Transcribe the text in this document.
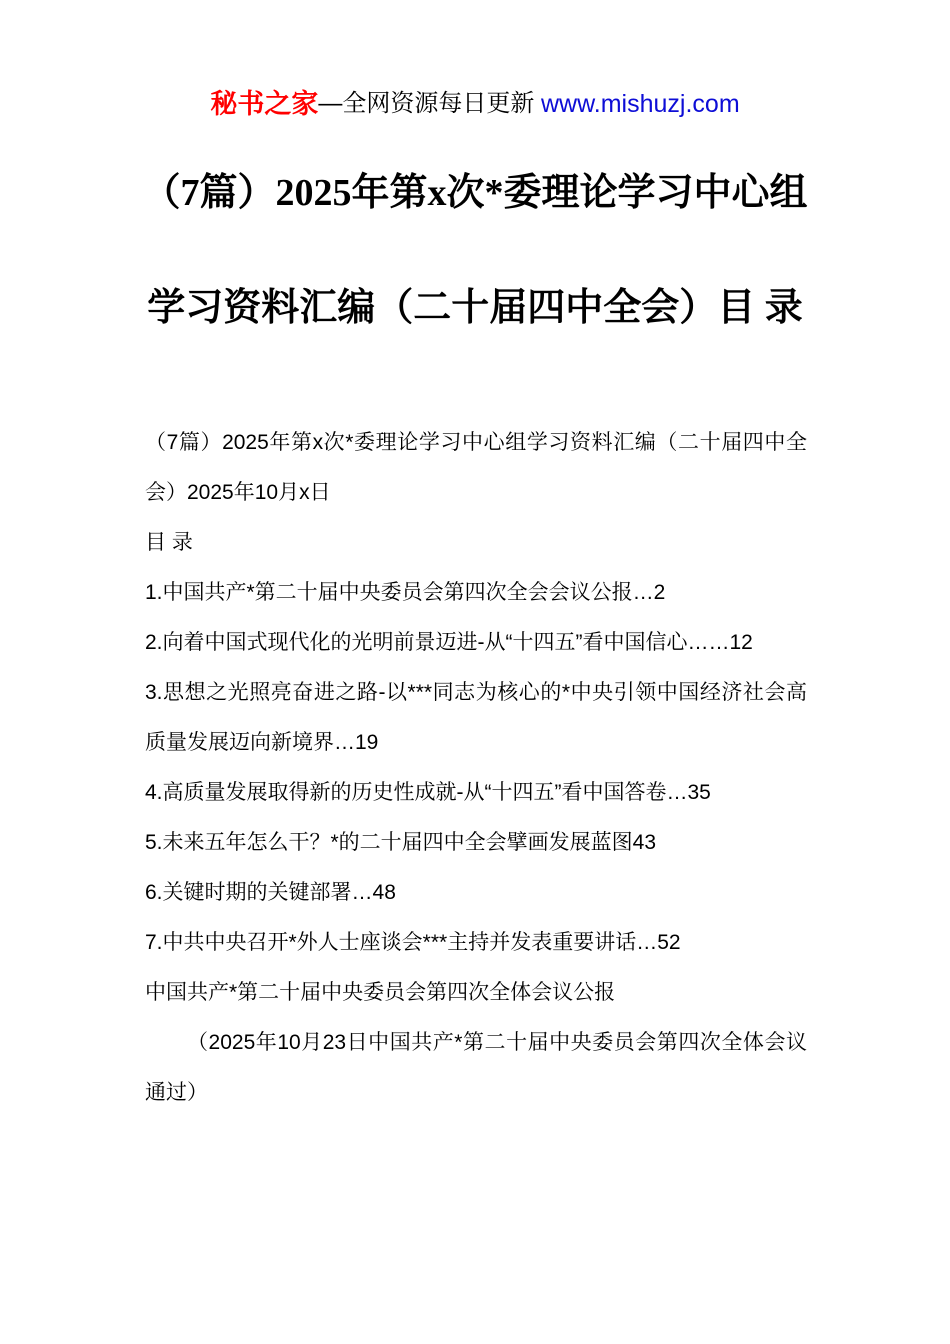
秘书之家 —全网资源每日更新 www.mishuzj.com
（7篇）2025年第x次*委理论学习中心组
学习资料汇编（二十届四中全会）目 录

（7篇）2025年第x次*委理论学习中心组学习资料汇编（二十届四中全会）2025年10月x日

目 录

1.中国共产*第二十届中央委员会第四次全会会议公报…2

2.向着中国式现代化的光明前景迈进-从“十四五”看中国信心……12

3.思想之光照亮奋进之路-以***同志为核心的*中央引领中国经济社会高质量发展迈向新境界…19

4.高质量发展取得新的历史性成就-从“十四五”看中国答卷…35

5.未来五年怎么干？*的二十届四中全会擘画发展蓝图43

6.关键时期的关键部署…48

7.中共中央召开*外人士座谈会***主持并发表重要讲话…52

中国共产*第二十届中央委员会第四次全体会议公报

（2025年10月23日中国共产*第二十届中央委员会第四次全体会议通过）
